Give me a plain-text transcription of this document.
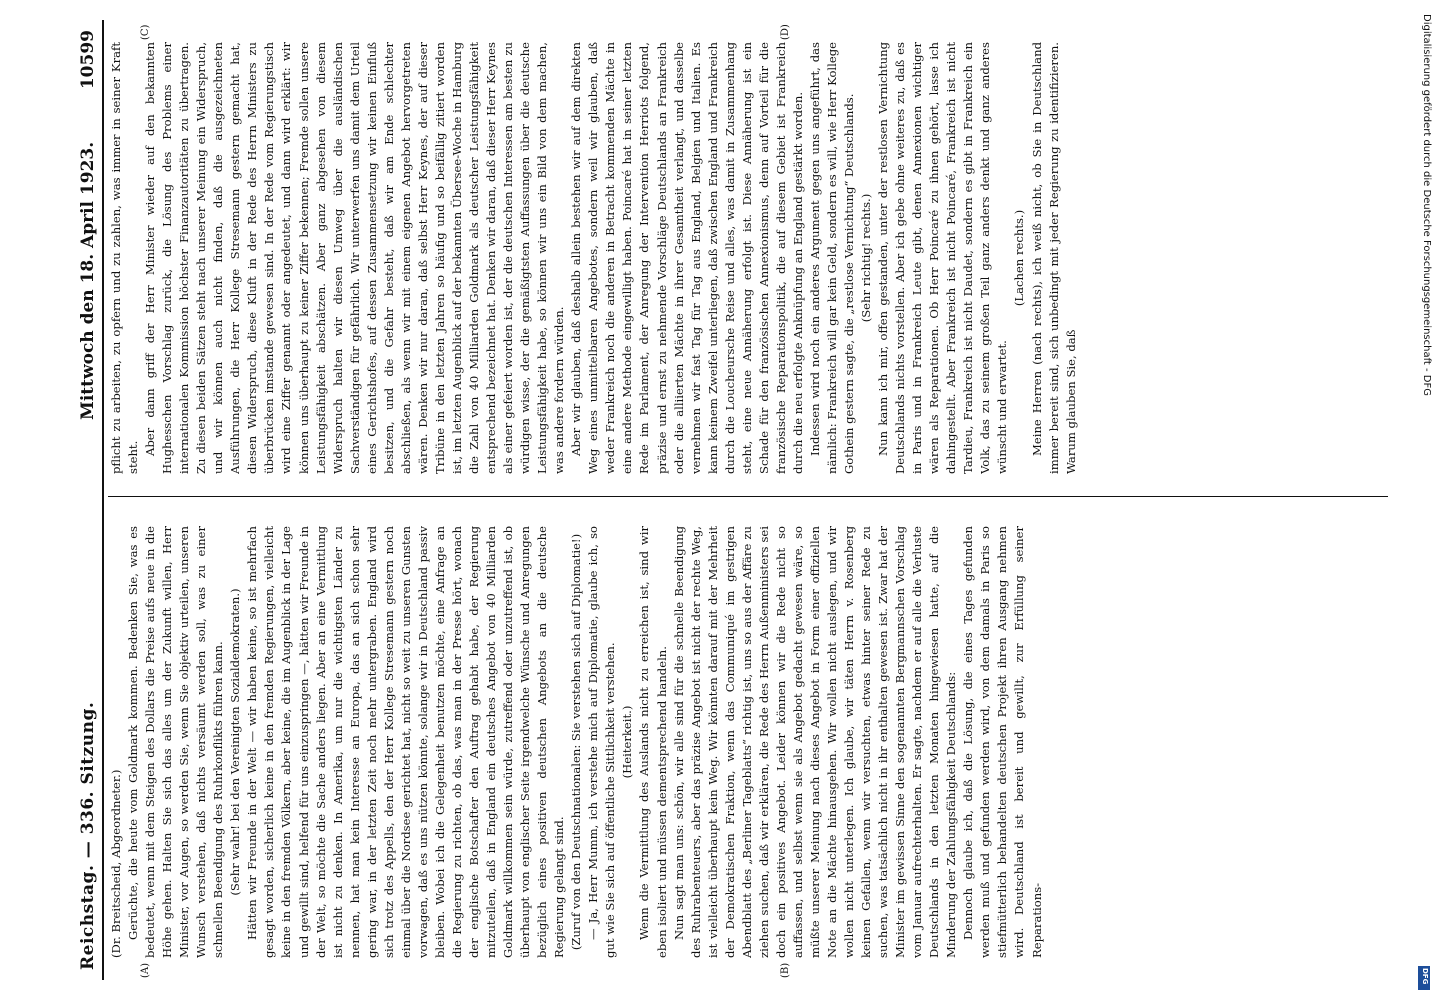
Reichstag. — 336. Sitzung.
Mittwoch den 18. April 1923.
10599
(A)	(B)
(C)	(D)

(Dr. Breitscheid, Abgeordneter.) Gerüchte, die heute vom Goldmark kommen. Bedenken Sie, was es bedeutet, wenn mit dem Steigen des Dollars die Preise aufs neue in die Höhe gehen. Halten Sie sich das alles um der Zukunft willen, Herr Minister, vor Augen, so werden Sie, wenn Sie objektiv urteilen, unseren Wunsch verstehen, daß nichts versäumt werden soll, was zu einer schnellen Beendigung des Ruhrkonflikts führen kann. (Sehr wahr! bei den Vereinigten Sozialdemokraten.) Hätten wir Freunde in der Welt — wir haben keine, so ist mehrfach gesagt worden, sicherlich keine in den fremden Regierungen, vielleicht keine in den fremden Völkern, aber keine, die im Augenblick in der Lage und gewillt sind, helfend für uns einzuspringen —, hätten wir Freunde in der Welt, so möchte die Sache anders liegen. Aber an eine Vermittlung ist nicht zu denken. In Amerika, um nur die wichtigsten Länder zu nennen, hat man kein Interesse an Europa, das an sich schon sehr gering war, in der letzten Zeit noch mehr untergraben. England wird sich trotz des Appells, den der Herr Kollege Stresemann gestern noch einmal über die Nordsee gerichtet hat, nicht so weit zu unseren Gunsten vorwagen, daß es uns nützen könnte, solange wir in Deutschland passiv bleiben. Wobei ich die Gelegenheit benutzen möchte, eine Anfrage an die Regierung zu richten, ob das, was man in der Presse hört, wonach der englische Botschafter den Auftrag gehabt habe, der Regierung mitzuteilen, daß in England ein deutsches Angebot von 40 Milliarden Goldmark willkommen sein würde, zutreffend oder unzutreffend ist, ob überhaupt von englischer Seite irgendwelche Wünsche und Anregungen bezüglich eines positiven deutschen Angebots an die deutsche Regierung gelangt sind. (Zuruf von den Deutschnationalen: Sie verstehen sich auf Diplomatie!) — Ja, Herr Mumm, ich verstehe mich auf Diplomatie, glaube ich, so gut wie Sie sich auf öffentliche Sittlichkeit verstehen. (Heiterkeit.) Wenn die Vermittlung des Auslands nicht zu erreichen ist, sind wir eben isoliert und müssen dementsprechend handeln. Nun sagt man uns: schön, wir alle sind für die schnelle Beendigung des Ruhrabenteuers, aber das präzise Angebot ist nicht der rechte Weg, ist vielleicht überhaupt kein Weg. Wir könnten darauf mit der Mehrheit der Demokratischen Fraktion, wenn das Communiqué im gestrigen Abendblatt des „Berliner Tageblatts“ richtig ist, uns so aus der Affäre zu ziehen suchen, daß wir erklären, die Rede des Herrn Außenministers sei doch ein positives Angebot. Leider können wir die Rede nicht so auffassen, und selbst wenn sie als Angebot gedacht gewesen wäre, so müßte unserer Meinung nach dieses Angebot in Form einer offiziellen Note an die Mächte hinausgehen. Wir wollen nicht auslegen, und wir wollen nicht unterlegen. Ich glaube, wir täten Herrn v. Rosenberg keinen Gefallen, wenn wir versuchten, etwas hinter seiner Rede zu suchen, was tatsächlich nicht in ihr enthalten gewesen ist. Zwar hat der Minister im gewissen Sinne den sogenannten Bergmannschen Vorschlag vom Januar aufrechterhalten. Er sagte, nachdem er auf alle die Verluste Deutschlands in den letzten Monaten hingewiesen hatte, auf die Minderung der Zahlungsfähigkeit Deutschlands: Dennoch glaube ich, daß die Lösung, die eines Tages gefunden werden muß und gefunden werden wird, von dem damals in Paris so stiefmütterlich behandelten deutschen Projekt ihren Ausgang nehmen wird. Deutschland ist bereit und gewillt, zur Erfüllung seiner Reparations-

pflicht zu arbeiten, zu opfern und zu zahlen, was immer in seiner Kraft steht.

Aber dann griff der Herr Minister wieder auf den bekannten Hughesschen Vorschlag zurück, die Lösung des Problems einer internationalen Kommission höchster Finanzautoritäten zu übertragen. Zu diesen beiden Sätzen steht nach unserer Meinung ein Widerspruch, und wir können auch nicht finden, daß die ausgezeichneten Ausführungen, die Herr Kollege Stresemann gestern gemacht hat, diesen Widerspruch, diese Kluft in der Rede des Herrn Ministers zu überbrücken imstande gewesen sind. In der Rede vom Regierungstisch wird eine Ziffer genannt oder angedeutet, und dann wird erklärt: wir können uns überhaupt zu keiner Ziffer bekennen; Fremde sollen unsere Leistungsfähigkeit abschätzen. Aber ganz abgesehen von diesem Widerspruch halten wir diesen Umweg über die ausländischen Sachverständigen für gefährlich. Wir unterwerfen uns damit dem Urteil eines Gerichtshofes, auf dessen Zusammensetzung wir keinen Einfluß besitzen, und die Gefahr besteht, daß wir am Ende schlechter abschließen, als wenn wir mit einem eigenen Angebot hervorgetreten wären. Denken wir nur daran, daß selbst Herr Keynes, der auf dieser Tribüne in den letzten Jahren so häufig und so beifällig zitiert worden ist, im letzten Augenblick auf der bekannten Übersee-Woche in Hamburg die Zahl von 40 Milliarden Goldmark als deutscher Leistungsfähigkeit entsprechend bezeichnet hat. Denken wir daran, daß dieser Herr Keynes als einer gefeiert worden ist, der die deutschen Interessen am besten zu würdigen wisse, der die gemäßigtsten Auffassungen über die deutsche Leistungsfähigkeit habe, so können wir uns ein Bild von dem machen, was andere fordern würden. Aber wir glauben, daß deshalb allein bestehen wir auf dem direkten Weg eines unmittelbaren Angebotes, sondern weil wir glauben, daß weder Frankreich noch die anderen in Betracht kommenden Mächte in eine andere Methode eingewilligt haben. Poincaré hat in seiner letzten Rede im Parlament, der Anregung der Intervention Herriots folgend, präzise und ernst zu nehmende Vorschläge Deutschlands an Frankreich oder die alliierten Mächte in ihrer Gesamtheit verlangt, und dasselbe vernehmen wir fast Tag für Tag aus England, Belgien und Italien. Es kann keinem Zweifel unterliegen, daß zwischen England und Frankreich durch die Loucheursche Reise und alles, was damit in Zusammenhang steht, eine neue Annäherung erfolgt ist. Diese Annäherung ist ein Schade für den französischen Annexionismus, denn auf Vorteil für die französische Reparationspolitik, die auf diesem Gebiet ist Frankreich durch die neu erfolgte Anknüpfung an England gestärkt worden. Indessen wird noch ein anderes Argument gegen uns angeführt, das nämlich: Frankreich will gar kein Geld, sondern es will, wie Herr Kollege Gothein gestern sagte, die „restlose Vernichtung“ Deutschlands. (Sehr richtig! rechts.) Nun kann ich mir, offen gestanden, unter der restlosen Vernichtung Deutschlands nichts vorstellen. Aber ich gebe ohne weiteres zu, daß es in Paris und in Frankreich Leute gibt, denen Annexionen wichtiger wären als Reparationen. Ob Herr Poincaré zu ihnen gehört, lasse ich dahingestellt. Aber Frankreich ist nicht Poincaré, Frankreich ist nicht Tardieu, Frankreich ist nicht Daudet, sondern es gibt in Frankreich ein Volk, das zu seinem großen Teil ganz anders denkt und ganz anderes wünscht und erwartet.

(Lachen rechts.) Meine Herren (nach rechts), ich weiß nicht, ob Sie in Deutschland immer bereit sind, sich unbedingt mit jeder Regierung zu identifizieren. Warum glauben Sie, daß

Digitalisierung gefördert durch die Deutsche Forschungsgemeinschaft - DFG
DFG
